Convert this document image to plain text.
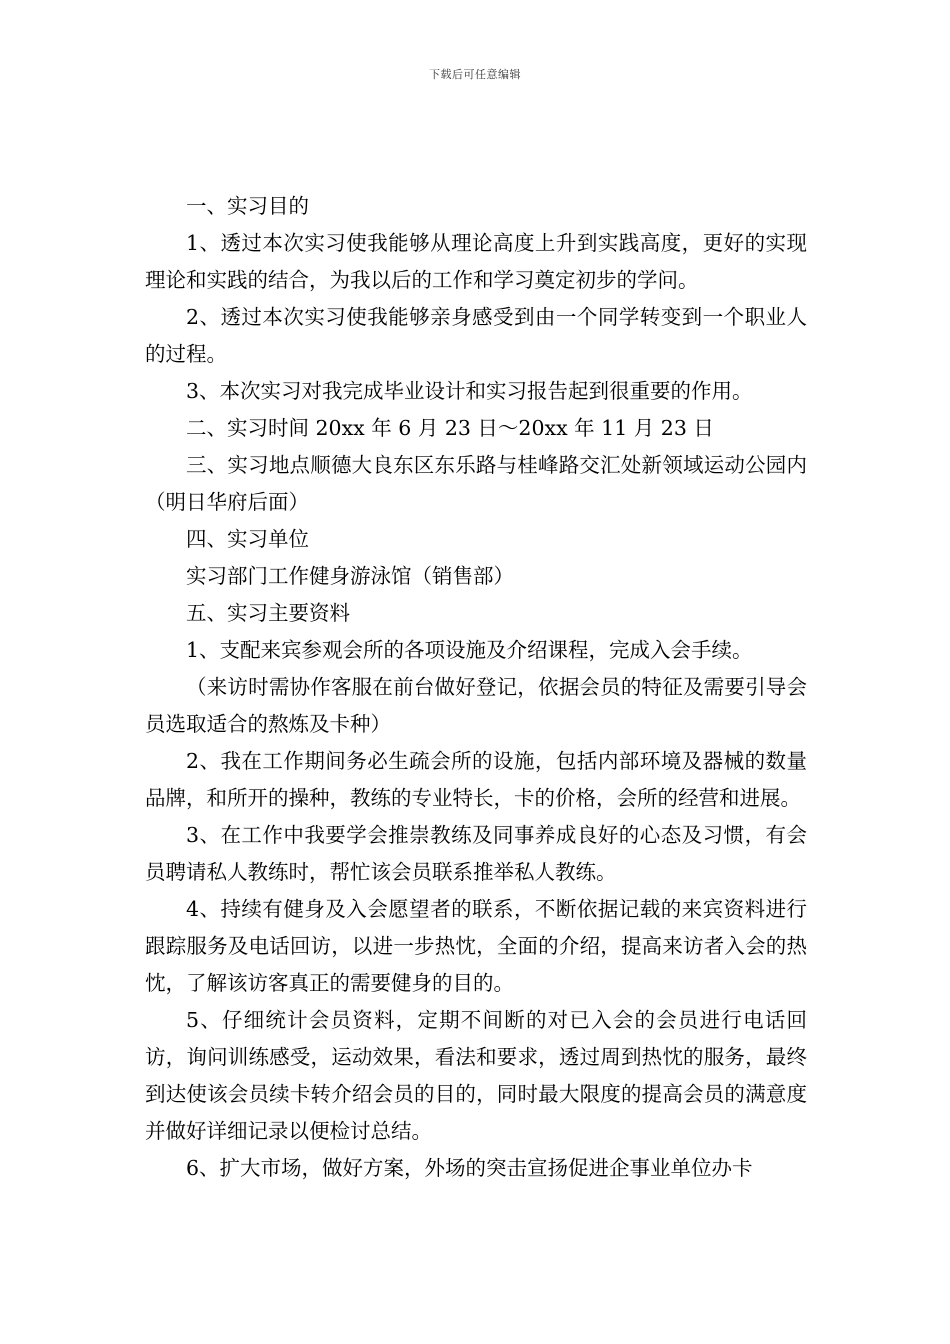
下载后可任意编辑

一、实习目的

1、透过本次实习使我能够从理论高度上升到实践高度，更好的实现理论和实践的结合，为我以后的工作和学习奠定初步的学问。

2、透过本次实习使我能够亲身感受到由一个同学转变到一个职业人的过程。

3、本次实习对我完成毕业设计和实习报告起到很重要的作用。

二、实习时间 20xx 年 6 月 23 日～20xx 年 11 月 23 日

三、实习地点顺德大良东区东乐路与桂峰路交汇处新领域运动公园内（明日华府后面）

四、实习单位

实习部门工作健身游泳馆（销售部）

五、实习主要资料

1、支配来宾参观会所的各项设施及介绍课程，完成入会手续。

（来访时需协作客服在前台做好登记，依据会员的特征及需要引导会员选取适合的熬炼及卡种）

2、我在工作期间务必生疏会所的设施，包括内部环境及器械的数量品牌，和所开的操种，教练的专业特长，卡的价格，会所的经营和进展。

3、在工作中我要学会推崇教练及同事养成良好的心态及习惯，有会员聘请私人教练时，帮忙该会员联系推举私人教练。

4、持续有健身及入会愿望者的联系，不断依据记载的来宾资料进行跟踪服务及电话回访，以进一步热忱，全面的介绍，提高来访者入会的热忱，了解该访客真正的需要健身的目的。

5、仔细统计会员资料，定期不间断的对已入会的会员进行电话回访，询问训练感受，运动效果，看法和要求，透过周到热忱的服务，最终到达使该会员续卡转介绍会员的目的，同时最大限度的提高会员的满意度并做好详细记录以便检讨总结。

6、扩大市场，做好方案，外场的突击宣扬促进企事业单位办卡
